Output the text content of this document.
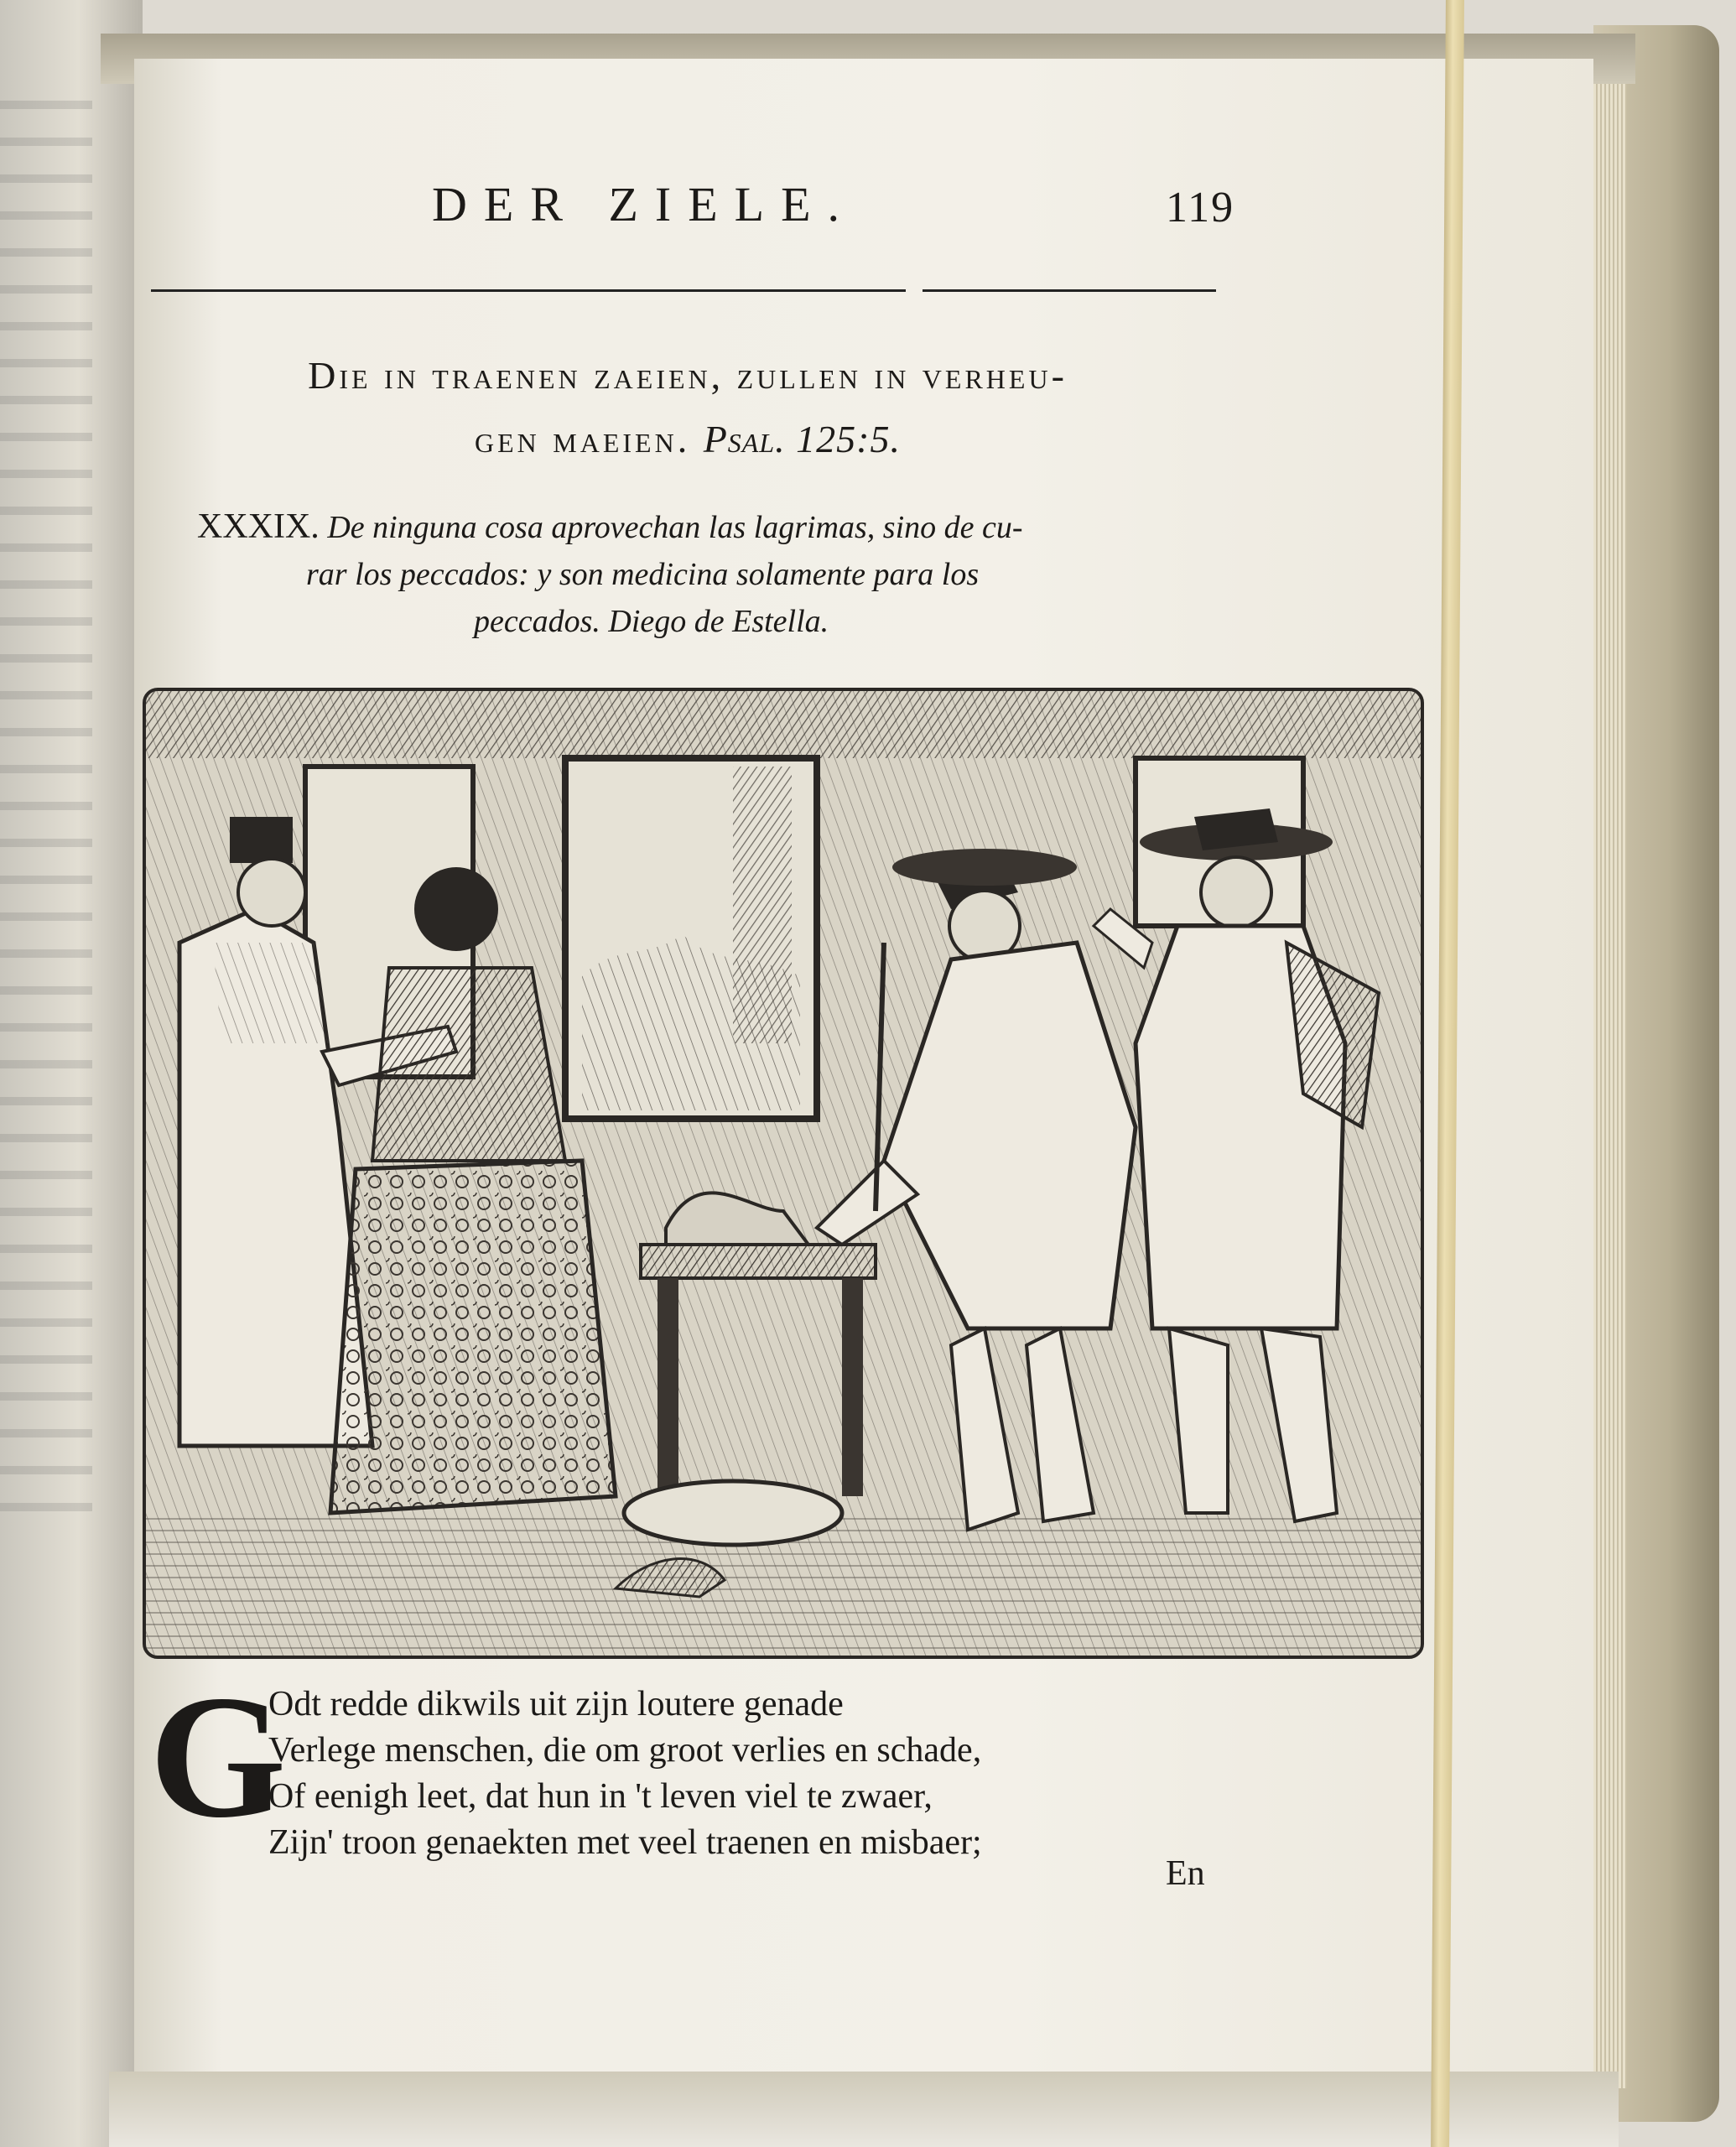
DER ZIELE.	119
Die in traenen zaeien, zullen in verheu-
gen maeien. Psal. 125:5.
XXXIX. De ninguna cosa aprovechan las lagrimas, sino de cu-
rar los peccados: y son medicina solamente para los
peccados. Diego de Estella.
G
Odt redde dikwils uit zijn loutere genade
Verlege menschen, die om groot verlies en schade,
Of eenigh leet, dat hun in 't leven viel te zwaer,
Zijn' troon genaekten met veel traenen en misbaer;
En
